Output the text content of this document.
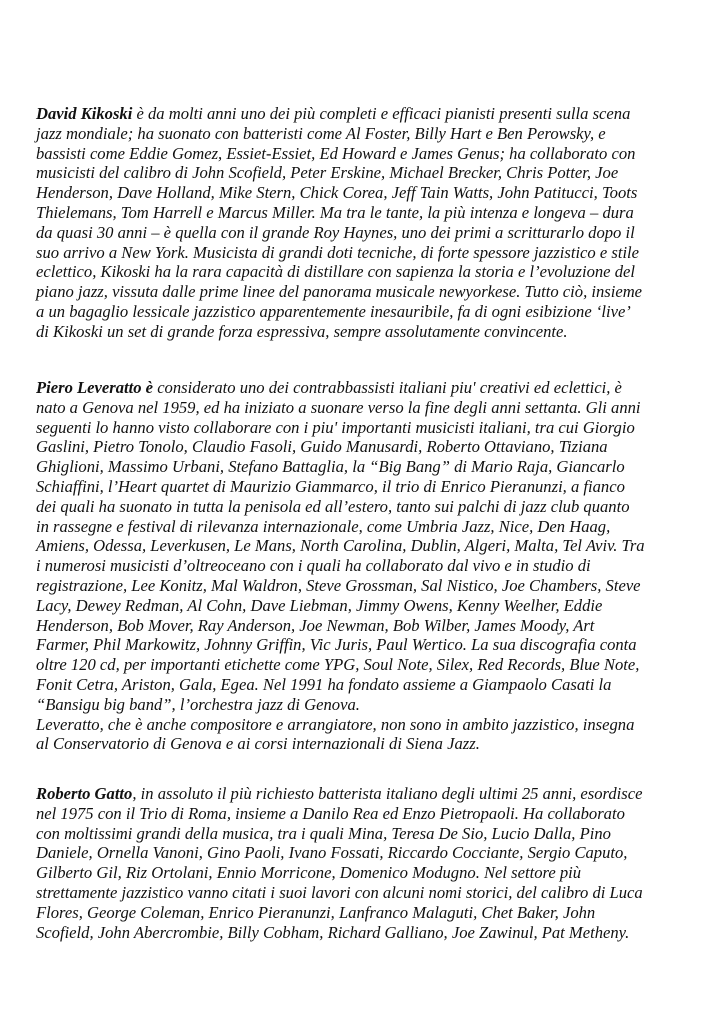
David Kikoski è da molti anni uno dei più completi e efficaci pianisti presenti sulla scena
jazz mondiale; ha suonato con batteristi come Al Foster, Billy Hart e Ben Perowsky, e
bassisti come Eddie Gomez, Essiet-Essiet, Ed Howard e James Genus; ha collaborato con
musicisti del calibro di John Scofield, Peter Erskine, Michael Brecker, Chris Potter, Joe
Henderson, Dave Holland, Mike Stern, Chick Corea, Jeff Tain Watts, John Patitucci, Toots
Thielemans, Tom Harrell e Marcus Miller. Ma tra le tante, la più intenza e longeva – dura
da quasi 30 anni – è quella con il grande Roy Haynes, uno dei primi a scritturarlo dopo il
suo arrivo a New York. Musicista di grandi doti tecniche, di forte spessore jazzistico e stile
eclettico, Kikoski ha la rara capacità di distillare con sapienza la storia e l’evoluzione del
piano jazz, vissuta dalle prime linee del panorama musicale newyorkese. Tutto ciò, insieme
a un bagaglio lessicale jazzistico apparentemente inesauribile, fa di ogni esibizione ‘live’
di Kikoski un set di grande forza espressiva, sempre assolutamente convincente.
Piero Leveratto è considerato uno dei contrabbassisti italiani piu' creativi ed eclettici, è
nato a Genova nel 1959, ed ha iniziato a suonare verso la fine degli anni settanta. Gli anni
seguenti lo hanno visto collaborare con i piu' importanti musicisti italiani, tra cui Giorgio
Gaslini, Pietro Tonolo, Claudio Fasoli, Guido Manusardi, Roberto Ottaviano, Tiziana
Ghiglioni, Massimo Urbani, Stefano Battaglia, la “Big Bang” di Mario Raja, Giancarlo
Schiaffini, l’Heart quartet di Maurizio Giammarco, il trio di Enrico Pieranunzi, a fianco
dei quali ha suonato in tutta la penisola ed all’estero, tanto sui palchi di jazz club quanto
in rassegne e festival di rilevanza internazionale, come Umbria Jazz, Nice, Den Haag,
Amiens, Odessa, Leverkusen, Le Mans, North Carolina, Dublin, Algeri, Malta, Tel Aviv. Tra
i numerosi musicisti d’oltreoceano con i quali ha collaborato dal vivo e in studio di
registrazione, Lee Konitz, Mal Waldron, Steve Grossman, Sal Nistico, Joe Chambers, Steve
Lacy, Dewey Redman, Al Cohn, Dave Liebman, Jimmy Owens, Kenny Weelher, Eddie
Henderson, Bob Mover, Ray Anderson, Joe Newman, Bob Wilber, James Moody, Art
Farmer, Phil Markowitz, Johnny Griffin, Vic Juris, Paul Wertico. La sua discografia conta
oltre 120 cd, per importanti etichette come YPG, Soul Note, Silex, Red Records, Blue Note,
Fonit Cetra, Ariston, Gala, Egea. Nel 1991 ha fondato assieme a Giampaolo Casati la
“Bansigu big band”, l’orchestra jazz di Genova.
Leveratto, che è anche compositore e arrangiatore, non sono in ambito jazzistico, insegna
al Conservatorio di Genova e ai corsi internazionali di Siena Jazz.
Roberto Gatto, in assoluto il più richiesto batterista italiano degli ultimi 25 anni, esordisce
nel 1975 con il Trio di Roma, insieme a Danilo Rea ed Enzo Pietropaoli. Ha collaborato
con moltissimi grandi della musica, tra i quali Mina, Teresa De Sio, Lucio Dalla, Pino
Daniele, Ornella Vanoni, Gino Paoli, Ivano Fossati, Riccardo Cocciante, Sergio Caputo,
Gilberto Gil, Riz Ortolani, Ennio Morricone, Domenico Modugno. Nel settore più
strettamente jazzistico vanno citati i suoi lavori con alcuni nomi storici, del calibro di Luca
Flores, George Coleman, Enrico Pieranunzi, Lanfranco Malaguti, Chet Baker, John
Scofield, John Abercrombie, Billy Cobham, Richard Galliano, Joe Zawinul, Pat Metheny.
